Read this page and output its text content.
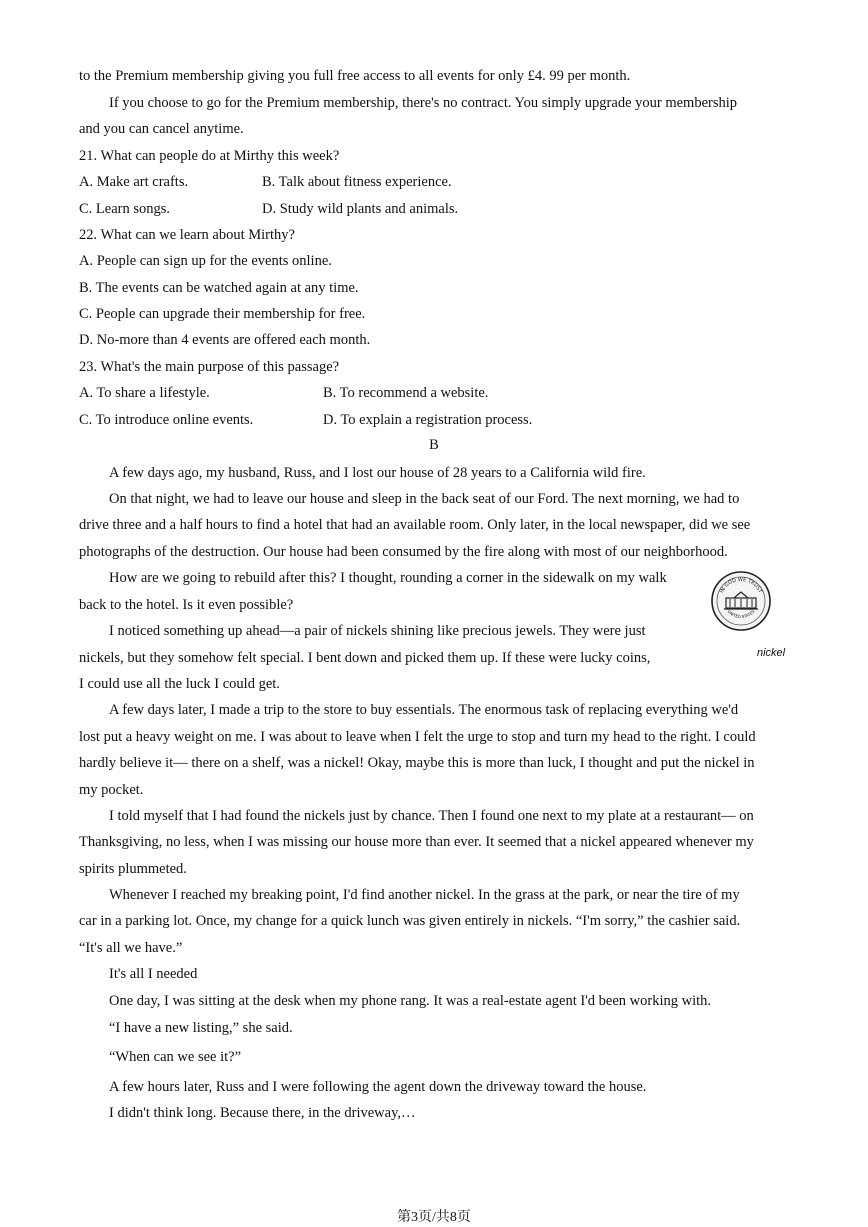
to the Premium membership giving you full free access to all events for only £4. 99 per month.
If you choose to go for the Premium membership, there's no contract. You simply upgrade your membership
and you can cancel anytime.
21. What can people do at Mirthy this week?
A. Make art crafts.	B. Talk about fitness experience.
C. Learn songs.	D. Study wild plants and animals.
22. What can we learn about Mirthy?
A. People can sign up for the events online.
B. The events can be watched again at any time.
C. People can upgrade their membership for free.
D. No-more than 4 events are offered each month.
23. What's the main purpose of this passage?
A. To share a lifestyle.	B. To recommend a website.
C. To introduce online events.	D. To explain a registration process.
B
A few days ago, my husband, Russ, and I lost our house of 28 years to a California wild fire.
On that night, we had to leave our house and sleep in the back seat of our Ford. The next morning, we had to
drive three and a half hours to find a hotel that had an available room. Only later, in the local newspaper, did we see
photographs of the destruction. Our house had been consumed by the fire along with most of our neighborhood.
How are we going to rebuild after this? I thought, rounding a corner in the sidewalk on my walk
back to the hotel. Is it even possible?
I noticed something up ahead—a pair of nickels shining like precious jewels. They were just
nickels, but they somehow felt special. I bent down and picked them up. If these were lucky coins,
I could use all the luck I could get.
A few days later, I made a trip to the store to buy essentials. The enormous task of replacing everything we'd
lost put a heavy weight on me. I was about to leave when I felt the urge to stop and turn my head to the right. I could
hardly believe it— there on a shelf, was a nickel! Okay, maybe this is more than luck, I thought and put the nickel in
my pocket.
I told myself that I had found the nickels just by chance. Then I found one next to my plate at a restaurant— on
Thanksgiving, no less, when I was missing our house more than ever. It seemed that a nickel appeared whenever my
spirits plummeted.
Whenever I reached my breaking point, I'd find another nickel. In the grass at the park, or near the tire of my
car in a parking lot. Once, my change for a quick lunch was given entirely in nickels. “I'm sorry,” the cashier said.
“It's all we have.”
It's all I needed
One day, I was sitting at the desk when my phone rang. It was a real-estate agent I'd been working with.
“I have a new listing,” she said.
“When can we see it?”
A few hours later, Russ and I were following the agent down the driveway toward the house.
I didn't think long. Because there, in the driveway,…
IN GOD WE TRUST
UNITED STATES
nickel
第3页/共8页
